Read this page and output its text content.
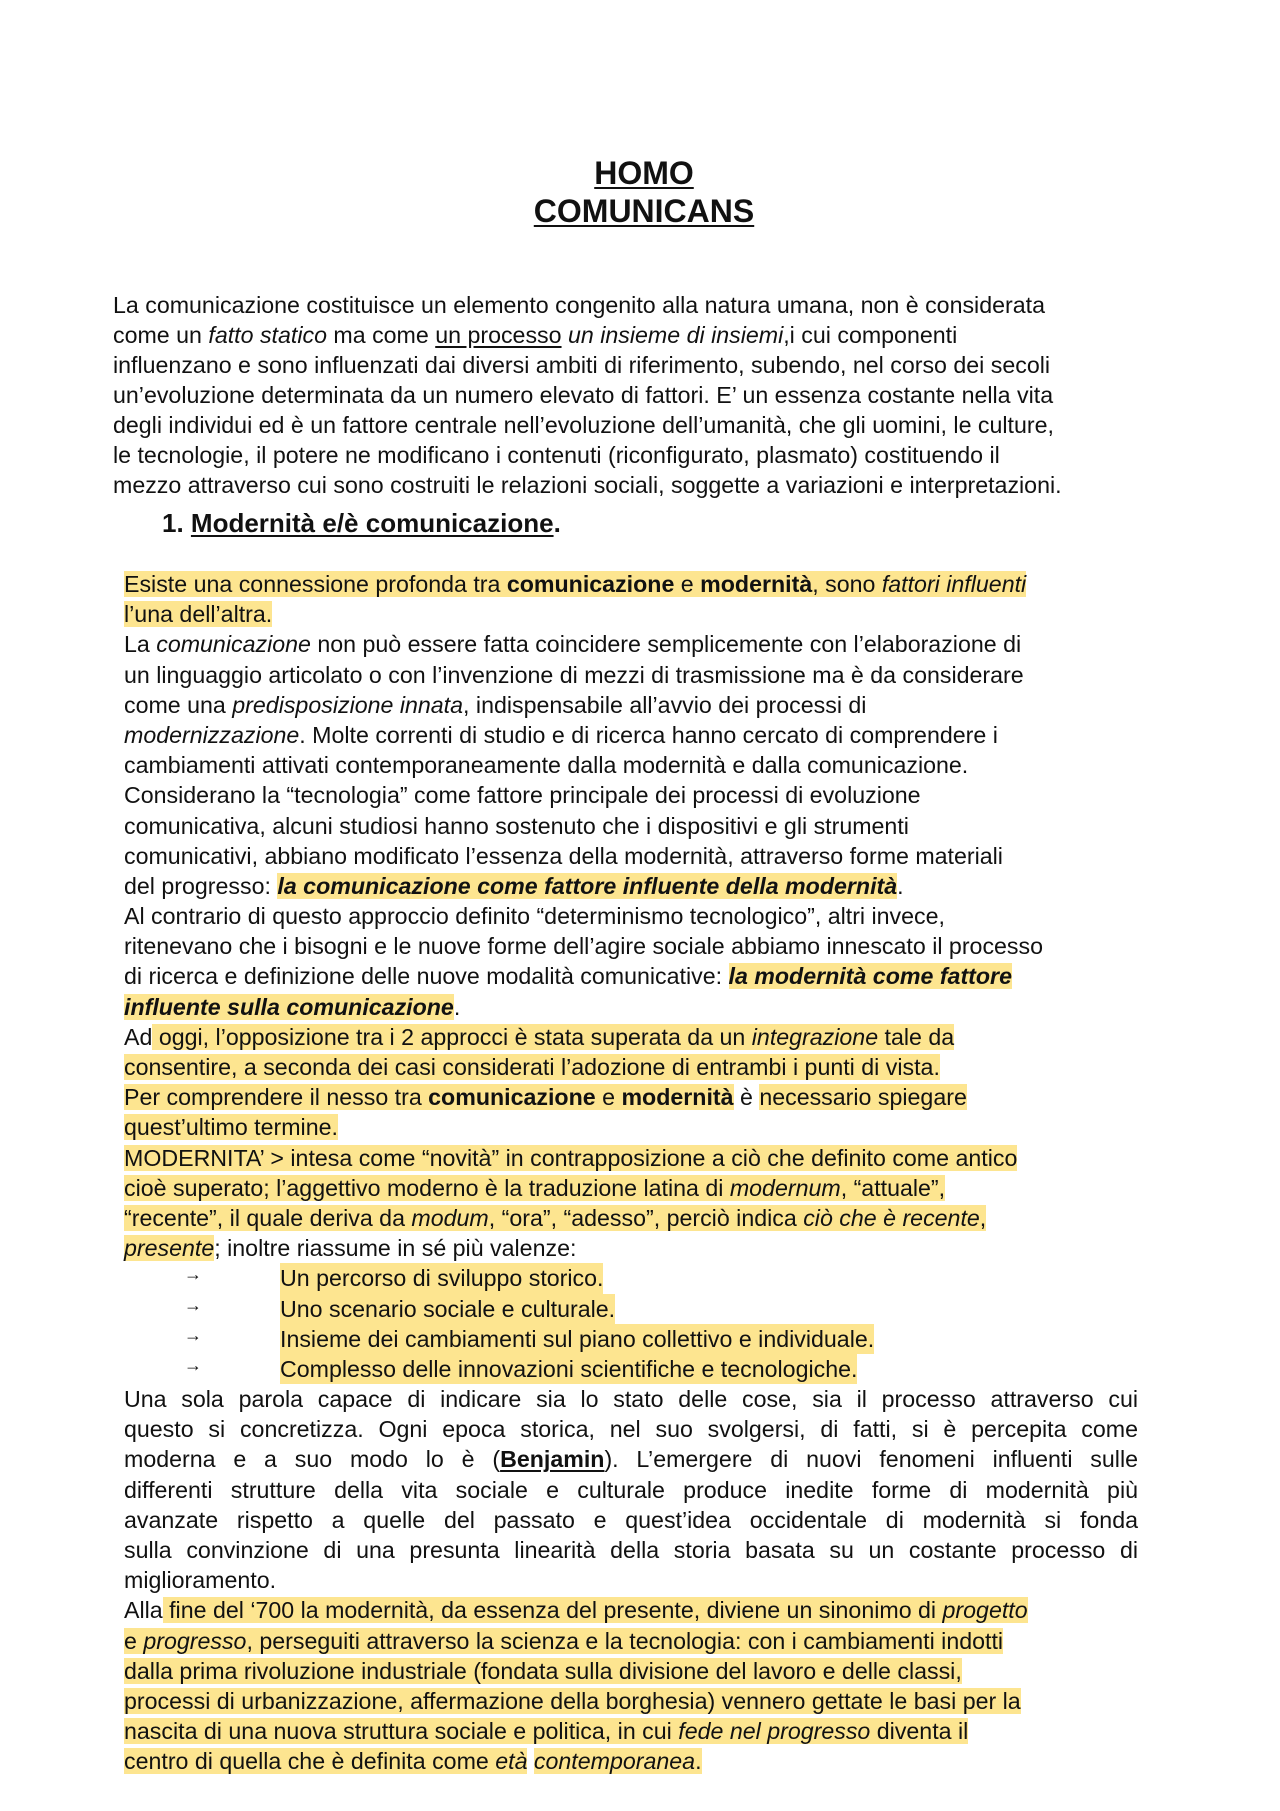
HOMO
COMUNICANS
La comunicazione costituisce un elemento congenito alla natura umana, non è considerata
come un fatto statico ma come un processo un insieme di insiemi,i cui componenti
influenzano e sono influenzati dai diversi ambiti di riferimento, subendo, nel corso dei secoli
un’evoluzione determinata da un numero elevato di fattori. E’ un essenza costante nella vita
degli individui ed è un fattore centrale nell’evoluzione dell’umanità, che gli uomini, le culture,
le tecnologie, il potere ne modificano i contenuti (riconfigurato, plasmato) costituendo il
mezzo attraverso cui sono costruiti le relazioni sociali, soggette a variazioni e interpretazioni.
1. Modernità e/è comunicazione.
Esiste una connessione profonda tra comunicazione e modernità, sono fattori influenti
l’una dell’altra.
La comunicazione non può essere fatta coincidere semplicemente con l’elaborazione di
un linguaggio articolato o con l’invenzione di mezzi di trasmissione ma è da considerare
come una predisposizione innata, indispensabile all’avvio dei processi di
modernizzazione. Molte correnti di studio e di ricerca hanno cercato di comprendere i
cambiamenti attivati contemporaneamente dalla modernità e dalla comunicazione.
Considerano la “tecnologia” come fattore principale dei processi di evoluzione
comunicativa, alcuni studiosi hanno sostenuto che i dispositivi e gli strumenti
comunicativi, abbiano modificato l’essenza della modernità, attraverso forme materiali
del progresso: la comunicazione come fattore influente della modernità.
Al contrario di questo approccio definito “determinismo tecnologico”, altri invece,
ritenevano che i bisogni e le nuove forme dell’agire sociale abbiamo innescato il processo
di ricerca e definizione delle nuove modalità comunicative: la modernità come fattore
influente sulla comunicazione.
Ad oggi, l’opposizione tra i 2 approcci è stata superata da un integrazione tale da
consentire, a seconda dei casi considerati l’adozione di entrambi i punti di vista.
Per comprendere il nesso tra comunicazione e modernità è necessario spiegare
quest’ultimo termine.
MODERNITA’ > intesa come “novità” in contrapposizione a ciò che definito come antico
cioè superato; l’aggettivo moderno è la traduzione latina di modernum, “attuale”,
“recente”, il quale deriva da modum, “ora”, “adesso”, perciò indica ciò che è recente,
presente; inoltre riassume in sé più valenze:
→	Un percorso di sviluppo storico.
→	Uno scenario sociale e culturale.
→	Insieme dei cambiamenti sul piano collettivo e individuale.
→	Complesso delle innovazioni scientifiche e tecnologiche.
Una sola parola capace di indicare sia lo stato delle cose, sia il processo attraverso cui
questo si concretizza. Ogni epoca storica, nel suo svolgersi, di fatti, si è percepita come
moderna e a suo modo lo è (Benjamin). L’emergere di nuovi fenomeni influenti sulle
differenti strutture della vita sociale e culturale produce inedite forme di modernità più
avanzate rispetto a quelle del passato e quest’idea occidentale di modernità si fonda
sulla convinzione di una presunta linearità della storia basata su un costante processo di
miglioramento.
Alla fine del ‘700 la modernità, da essenza del presente, diviene un sinonimo di progetto
e progresso, perseguiti attraverso la scienza e la tecnologia: con i cambiamenti indotti
dalla prima rivoluzione industriale (fondata sulla divisione del lavoro e delle classi,
processi di urbanizzazione, affermazione della borghesia) vennero gettate le basi per la
nascita di una nuova struttura sociale e politica, in cui fede nel progresso diventa il
centro di quella che è definita come età contemporanea.
